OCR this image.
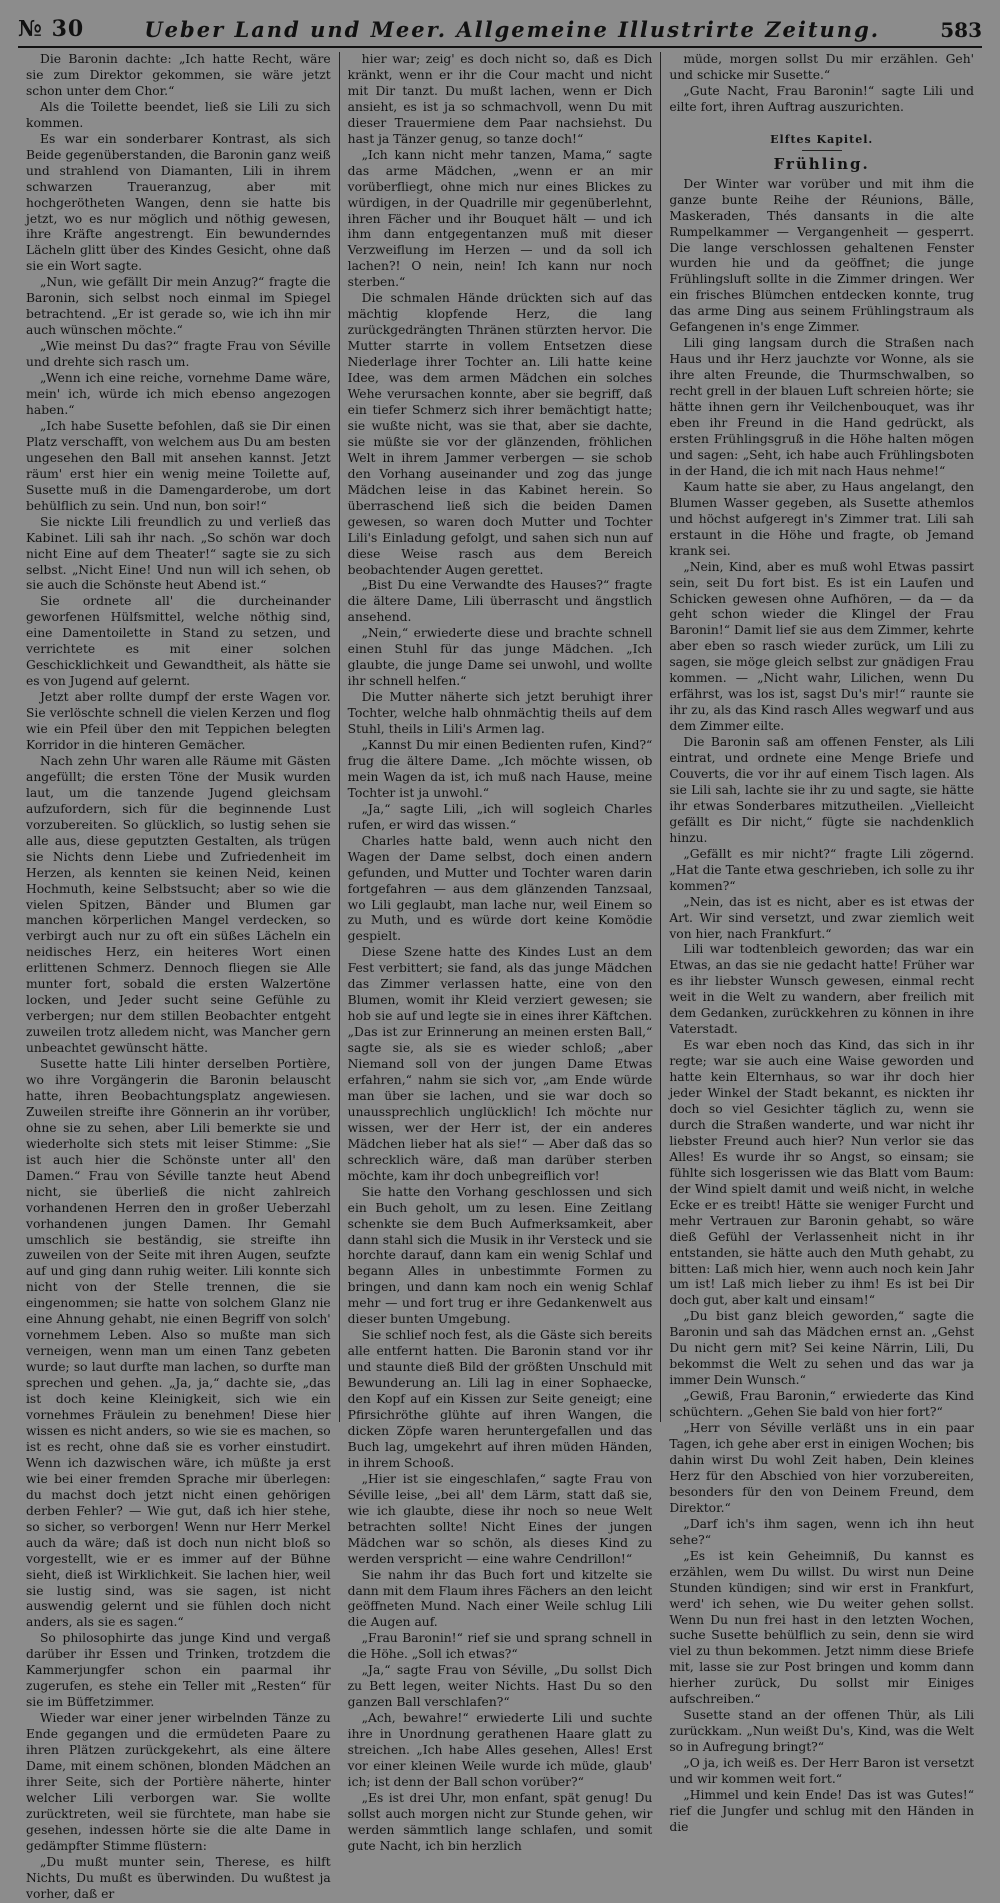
№ 30	Ueber Land und Meer. Allgemeine Illustrirte Zeitung.	583

Die Baronin dachte: „Ich hatte Recht, wäre sie zum Direktor gekommen, sie wäre jetzt schon unter dem Chor.“

Als die Toilette beendet, ließ sie Lili zu sich kommen.

Es war ein sonderbarer Kontrast, als sich Beide gegenüberstanden, die Baronin ganz weiß und strahlend von Diamanten, Lili in ihrem schwarzen Traueranzug, aber mit hochgerötheten Wangen, denn sie hatte bis jetzt, wo es nur möglich und nöthig gewesen, ihre Kräfte angestrengt. Ein bewunderndes Lächeln glitt über des Kindes Gesicht, ohne daß sie ein Wort sagte.

„Nun, wie gefällt Dir mein Anzug?“ fragte die Baronin, sich selbst noch einmal im Spiegel betrachtend. „Er ist gerade so, wie ich ihn mir auch wünschen möchte.“

„Wie meinst Du das?“ fragte Frau von Séville und drehte sich rasch um.

„Wenn ich eine reiche, vornehme Dame wäre, mein' ich, würde ich mich ebenso angezogen haben.“

„Ich habe Susette befohlen, daß sie Dir einen Platz verschafft, von welchem aus Du am besten ungesehen den Ball mit ansehen kannst. Jetzt räum' erst hier ein wenig meine Toilette auf, Susette muß in die Damengarderobe, um dort behülflich zu sein. Und nun, bon soir!“

Sie nickte Lili freundlich zu und verließ das Kabinet. Lili sah ihr nach. „So schön war doch nicht Eine auf dem Theater!“ sagte sie zu sich selbst. „Nicht Eine! Und nun will ich sehen, ob sie auch die Schönste heut Abend ist.“

Sie ordnete all' die durcheinander geworfenen Hülfsmittel, welche nöthig sind, eine Damentoilette in Stand zu setzen, und verrichtete es mit einer solchen Geschicklichkeit und Gewandtheit, als hätte sie es von Jugend auf gelernt.

Jetzt aber rollte dumpf der erste Wagen vor. Sie verlöschte schnell die vielen Kerzen und flog wie ein Pfeil über den mit Teppichen belegten Korridor in die hinteren Gemächer.

Nach zehn Uhr waren alle Räume mit Gästen angefüllt; die ersten Töne der Musik wurden laut, um die tanzende Jugend gleichsam aufzufordern, sich für die beginnende Lust vorzubereiten. So glücklich, so lustig sehen sie alle aus, diese geputzten Gestalten, als trügen sie Nichts denn Liebe und Zufriedenheit im Herzen, als kennten sie keinen Neid, keinen Hochmuth, keine Selbstsucht; aber so wie die vielen Spitzen, Bänder und Blumen gar manchen körperlichen Mangel verdecken, so verbirgt auch nur zu oft ein süßes Lächeln ein neidisches Herz, ein heiteres Wort einen erlittenen Schmerz. Dennoch fliegen sie Alle munter fort, sobald die ersten Walzertöne locken, und Jeder sucht seine Gefühle zu verbergen; nur dem stillen Beobachter entgeht zuweilen trotz alledem nicht, was Mancher gern unbeachtet gewünscht hätte.

Susette hatte Lili hinter derselben Portière, wo ihre Vorgängerin die Baronin belauscht hatte, ihren Beobachtungsplatz angewiesen. Zuweilen streifte ihre Gönnerin an ihr vorüber, ohne sie zu sehen, aber Lili bemerkte sie und wiederholte sich stets mit leiser Stimme: „Sie ist auch hier die Schönste unter all' den Damen.“ Frau von Séville tanzte heut Abend nicht, sie überließ die nicht zahlreich vorhandenen Herren den in großer Ueberzahl vorhandenen jungen Damen. Ihr Gemahl umschlich sie beständig, sie streifte ihn zuweilen von der Seite mit ihren Augen, seufzte auf und ging dann ruhig weiter. Lili konnte sich nicht von der Stelle trennen, die sie eingenommen; sie hatte von solchem Glanz nie eine Ahnung gehabt, nie einen Begriff von solch' vornehmem Leben. Also so mußte man sich verneigen, wenn man um einen Tanz gebeten wurde; so laut durfte man lachen, so durfte man sprechen und gehen. „Ja, ja,“ dachte sie, „das ist doch keine Kleinigkeit, sich wie ein vornehmes Fräulein zu benehmen! Diese hier wissen es nicht anders, so wie sie es machen, so ist es recht, ohne daß sie es vorher einstudirt. Wenn ich dazwischen wäre, ich müßte ja erst wie bei einer fremden Sprache mir überlegen: du machst doch jetzt nicht einen gehörigen derben Fehler? — Wie gut, daß ich hier stehe, so sicher, so verborgen! Wenn nur Herr Merkel auch da wäre; daß ist doch nun nicht bloß so vorgestellt, wie er es immer auf der Bühne sieht, dieß ist Wirklichkeit. Sie lachen hier, weil sie lustig sind, was sie sagen, ist nicht auswendig gelernt und sie fühlen doch nicht anders, als sie es sagen.“

So philosophirte das junge Kind und vergaß darüber ihr Essen und Trinken, trotzdem die Kammerjungfer schon ein paarmal ihr zugerufen, es stehe ein Teller mit „Resten“ für sie im Büffetzimmer.

Wieder war einer jener wirbelnden Tänze zu Ende gegangen und die ermüdeten Paare zu ihren Plätzen zurückgekehrt, als eine ältere Dame, mit einem schönen, blonden Mädchen an ihrer Seite, sich der Portière näherte, hinter welcher Lili verborgen war. Sie wollte zurücktreten, weil sie fürchtete, man habe sie gesehen, indessen hörte sie die alte Dame in gedämpfter Stimme flüstern:

„Du mußt munter sein, Therese, es hilft Nichts, Du mußt es überwinden. Du wußtest ja vorher, daß er

hier war; zeig' es doch nicht so, daß es Dich kränkt, wenn er ihr die Cour macht und nicht mit Dir tanzt. Du mußt lachen, wenn er Dich ansieht, es ist ja so schmachvoll, wenn Du mit dieser Trauermiene dem Paar nachsiehst. Du hast ja Tänzer genug, so tanze doch!“

„Ich kann nicht mehr tanzen, Mama,“ sagte das arme Mädchen, „wenn er an mir vorüberfliegt, ohne mich nur eines Blickes zu würdigen, in der Quadrille mir gegenüberlehnt, ihren Fächer und ihr Bouquet hält — und ich ihm dann entgegentanzen muß mit dieser Verzweiflung im Herzen — und da soll ich lachen?! O nein, nein! Ich kann nur noch sterben.“

Die schmalen Hände drückten sich auf das mächtig klopfende Herz, die lang zurückgedrängten Thränen stürzten hervor. Die Mutter starrte in vollem Entsetzen diese Niederlage ihrer Tochter an. Lili hatte keine Idee, was dem armen Mädchen ein solches Wehe verursachen konnte, aber sie begriff, daß ein tiefer Schmerz sich ihrer bemächtigt hatte; sie wußte nicht, was sie that, aber sie dachte, sie müßte sie vor der glänzenden, fröhlichen Welt in ihrem Jammer verbergen — sie schob den Vorhang auseinander und zog das junge Mädchen leise in das Kabinet herein. So überraschend ließ sich die beiden Damen gewesen, so waren doch Mutter und Tochter Lili's Einladung gefolgt, und sahen sich nun auf diese Weise rasch aus dem Bereich beobachtender Augen gerettet.

„Bist Du eine Verwandte des Hauses?“ fragte die ältere Dame, Lili überrascht und ängstlich ansehend.

„Nein,“ erwiederte diese und brachte schnell einen Stuhl für das junge Mädchen. „Ich glaubte, die junge Dame sei unwohl, und wollte ihr schnell helfen.“

Die Mutter näherte sich jetzt beruhigt ihrer Tochter, welche halb ohnmächtig theils auf dem Stuhl, theils in Lili's Armen lag.

„Kannst Du mir einen Bedienten rufen, Kind?“ frug die ältere Dame. „Ich möchte wissen, ob mein Wagen da ist, ich muß nach Hause, meine Tochter ist ja unwohl.“

„Ja,“ sagte Lili, „ich will sogleich Charles rufen, er wird das wissen.“

Charles hatte bald, wenn auch nicht den Wagen der Dame selbst, doch einen andern gefunden, und Mutter und Tochter waren darin fortgefahren — aus dem glänzenden Tanzsaal, wo Lili geglaubt, man lache nur, weil Einem so zu Muth, und es würde dort keine Komödie gespielt.

Diese Szene hatte des Kindes Lust an dem Fest verbittert; sie fand, als das junge Mädchen das Zimmer verlassen hatte, eine von den Blumen, womit ihr Kleid verziert gewesen; sie hob sie auf und legte sie in eines ihrer Käftchen. „Das ist zur Erinnerung an meinen ersten Ball,“ sagte sie, als sie es wieder schloß; „aber Niemand soll von der jungen Dame Etwas erfahren,“ nahm sie sich vor, „am Ende würde man über sie lachen, und sie war doch so unaussprechlich unglücklich! Ich möchte nur wissen, wer der Herr ist, der ein anderes Mädchen lieber hat als sie!“ — Aber daß das so schrecklich wäre, daß man darüber sterben möchte, kam ihr doch unbegreiflich vor!

Sie hatte den Vorhang geschlossen und sich ein Buch geholt, um zu lesen. Eine Zeitlang schenkte sie dem Buch Aufmerksamkeit, aber dann stahl sich die Musik in ihr Versteck und sie horchte darauf, dann kam ein wenig Schlaf und begann Alles in unbestimmte Formen zu bringen, und dann kam noch ein wenig Schlaf mehr — und fort trug er ihre Gedankenwelt aus dieser bunten Umgebung.

Sie schlief noch fest, als die Gäste sich bereits alle entfernt hatten. Die Baronin stand vor ihr und staunte dieß Bild der größten Unschuld mit Bewunderung an. Lili lag in einer Sophaecke, den Kopf auf ein Kissen zur Seite geneigt; eine Pfirsichröthe glühte auf ihren Wangen, die dicken Zöpfe waren heruntergefallen und das Buch lag, umgekehrt auf ihren müden Händen, in ihrem Schooß.

„Hier ist sie eingeschlafen,“ sagte Frau von Séville leise, „bei all' dem Lärm, statt daß sie, wie ich glaubte, diese ihr noch so neue Welt betrachten sollte! Nicht Eines der jungen Mädchen war so schön, als dieses Kind zu werden verspricht — eine wahre Cendrillon!“

Sie nahm ihr das Buch fort und kitzelte sie dann mit dem Flaum ihres Fächers an den leicht geöffneten Mund. Nach einer Weile schlug Lili die Augen auf.

„Frau Baronin!“ rief sie und sprang schnell in die Höhe. „Soll ich etwas?“

„Ja,“ sagte Frau von Séville, „Du sollst Dich zu Bett legen, weiter Nichts. Hast Du so den ganzen Ball verschlafen?“

„Ach, bewahre!“ erwiederte Lili und suchte ihre in Unordnung gerathenen Haare glatt zu streichen. „Ich habe Alles gesehen, Alles! Erst vor einer kleinen Weile wurde ich müde, glaub' ich; ist denn der Ball schon vorüber?“

„Es ist drei Uhr, mon enfant, spät genug! Du sollst auch morgen nicht zur Stunde gehen, wir werden sämmtlich lange schlafen, und somit gute Nacht, ich bin herzlich

müde, morgen sollst Du mir erzählen. Geh' und schicke mir Susette.“

„Gute Nacht, Frau Baronin!“ sagte Lili und eilte fort, ihren Auftrag auszurichten.

Elftes Kapitel.
Frühling.

Der Winter war vorüber und mit ihm die ganze bunte Reihe der Réunions, Bälle, Maskeraden, Thés dansants in die alte Rumpelkammer — Vergangenheit — gesperrt. Die lange verschlossen gehaltenen Fenster wurden hie und da geöffnet; die junge Frühlingsluft sollte in die Zimmer dringen. Wer ein frisches Blümchen entdecken konnte, trug das arme Ding aus seinem Frühlingstraum als Gefangenen in's enge Zimmer.

Lili ging langsam durch die Straßen nach Haus und ihr Herz jauchzte vor Wonne, als sie ihre alten Freunde, die Thurmschwalben, so recht grell in der blauen Luft schreien hörte; sie hätte ihnen gern ihr Veilchenbouquet, was ihr eben ihr Freund in die Hand gedrückt, als ersten Frühlingsgruß in die Höhe halten mögen und sagen: „Seht, ich habe auch Frühlingsboten in der Hand, die ich mit nach Haus nehme!“

Kaum hatte sie aber, zu Haus angelangt, den Blumen Wasser gegeben, als Susette athemlos und höchst aufgeregt in's Zimmer trat. Lili sah erstaunt in die Höhe und fragte, ob Jemand krank sei.

„Nein, Kind, aber es muß wohl Etwas passirt sein, seit Du fort bist. Es ist ein Laufen und Schicken gewesen ohne Aufhören, — da — da geht schon wieder die Klingel der Frau Baronin!“ Damit lief sie aus dem Zimmer, kehrte aber eben so rasch wieder zurück, um Lili zu sagen, sie möge gleich selbst zur gnädigen Frau kommen. — „Nicht wahr, Lilichen, wenn Du erfährst, was los ist, sagst Du's mir!“ raunte sie ihr zu, als das Kind rasch Alles wegwarf und aus dem Zimmer eilte.

Die Baronin saß am offenen Fenster, als Lili eintrat, und ordnete eine Menge Briefe und Couverts, die vor ihr auf einem Tisch lagen. Als sie Lili sah, lachte sie ihr zu und sagte, sie hätte ihr etwas Sonderbares mitzutheilen. „Vielleicht gefällt es Dir nicht,“ fügte sie nachdenklich hinzu.

„Gefällt es mir nicht?“ fragte Lili zögernd. „Hat die Tante etwa geschrieben, ich solle zu ihr kommen?“

„Nein, das ist es nicht, aber es ist etwas der Art. Wir sind versetzt, und zwar ziemlich weit von hier, nach Frankfurt.“

Lili war todtenbleich geworden; das war ein Etwas, an das sie nie gedacht hatte! Früher war es ihr liebster Wunsch gewesen, einmal recht weit in die Welt zu wandern, aber freilich mit dem Gedanken, zurückkehren zu können in ihre Vaterstadt.

Es war eben noch das Kind, das sich in ihr regte; war sie auch eine Waise geworden und hatte kein Elternhaus, so war ihr doch hier jeder Winkel der Stadt bekannt, es nickten ihr doch so viel Gesichter täglich zu, wenn sie durch die Straßen wanderte, und war nicht ihr liebster Freund auch hier? Nun verlor sie das Alles! Es wurde ihr so Angst, so einsam; sie fühlte sich losgerissen wie das Blatt vom Baum: der Wind spielt damit und weiß nicht, in welche Ecke er es treibt! Hätte sie weniger Furcht und mehr Vertrauen zur Baronin gehabt, so wäre dieß Gefühl der Verlassenheit nicht in ihr entstanden, sie hätte auch den Muth gehabt, zu bitten: Laß mich hier, wenn auch noch kein Jahr um ist! Laß mich lieber zu ihm! Es ist bei Dir doch gut, aber kalt und einsam!“

„Du bist ganz bleich geworden,“ sagte die Baronin und sah das Mädchen ernst an. „Gehst Du nicht gern mit? Sei keine Närrin, Lili, Du bekommst die Welt zu sehen und das war ja immer Dein Wunsch.“

„Gewiß, Frau Baronin,“ erwiederte das Kind schüchtern. „Gehen Sie bald von hier fort?“

„Herr von Séville verläßt uns in ein paar Tagen, ich gehe aber erst in einigen Wochen; bis dahin wirst Du wohl Zeit haben, Dein kleines Herz für den Abschied von hier vorzubereiten, besonders für den von Deinem Freund, dem Direktor.“

„Darf ich's ihm sagen, wenn ich ihn heut sehe?“

„Es ist kein Geheimniß, Du kannst es erzählen, wem Du willst. Du wirst nun Deine Stunden kündigen; sind wir erst in Frankfurt, werd' ich sehen, wie Du weiter gehen sollst. Wenn Du nun frei hast in den letzten Wochen, suche Susette behülflich zu sein, denn sie wird viel zu thun bekommen. Jetzt nimm diese Briefe mit, lasse sie zur Post bringen und komm dann hierher zurück, Du sollst mir Einiges aufschreiben.“

Susette stand an der offenen Thür, als Lili zurückkam. „Nun weißt Du's, Kind, was die Welt so in Aufregung bringt?“

„O ja, ich weiß es. Der Herr Baron ist versetzt und wir kommen weit fort.“

„Himmel und kein Ende! Das ist was Gutes!“ rief die Jungfer und schlug mit den Händen in die
